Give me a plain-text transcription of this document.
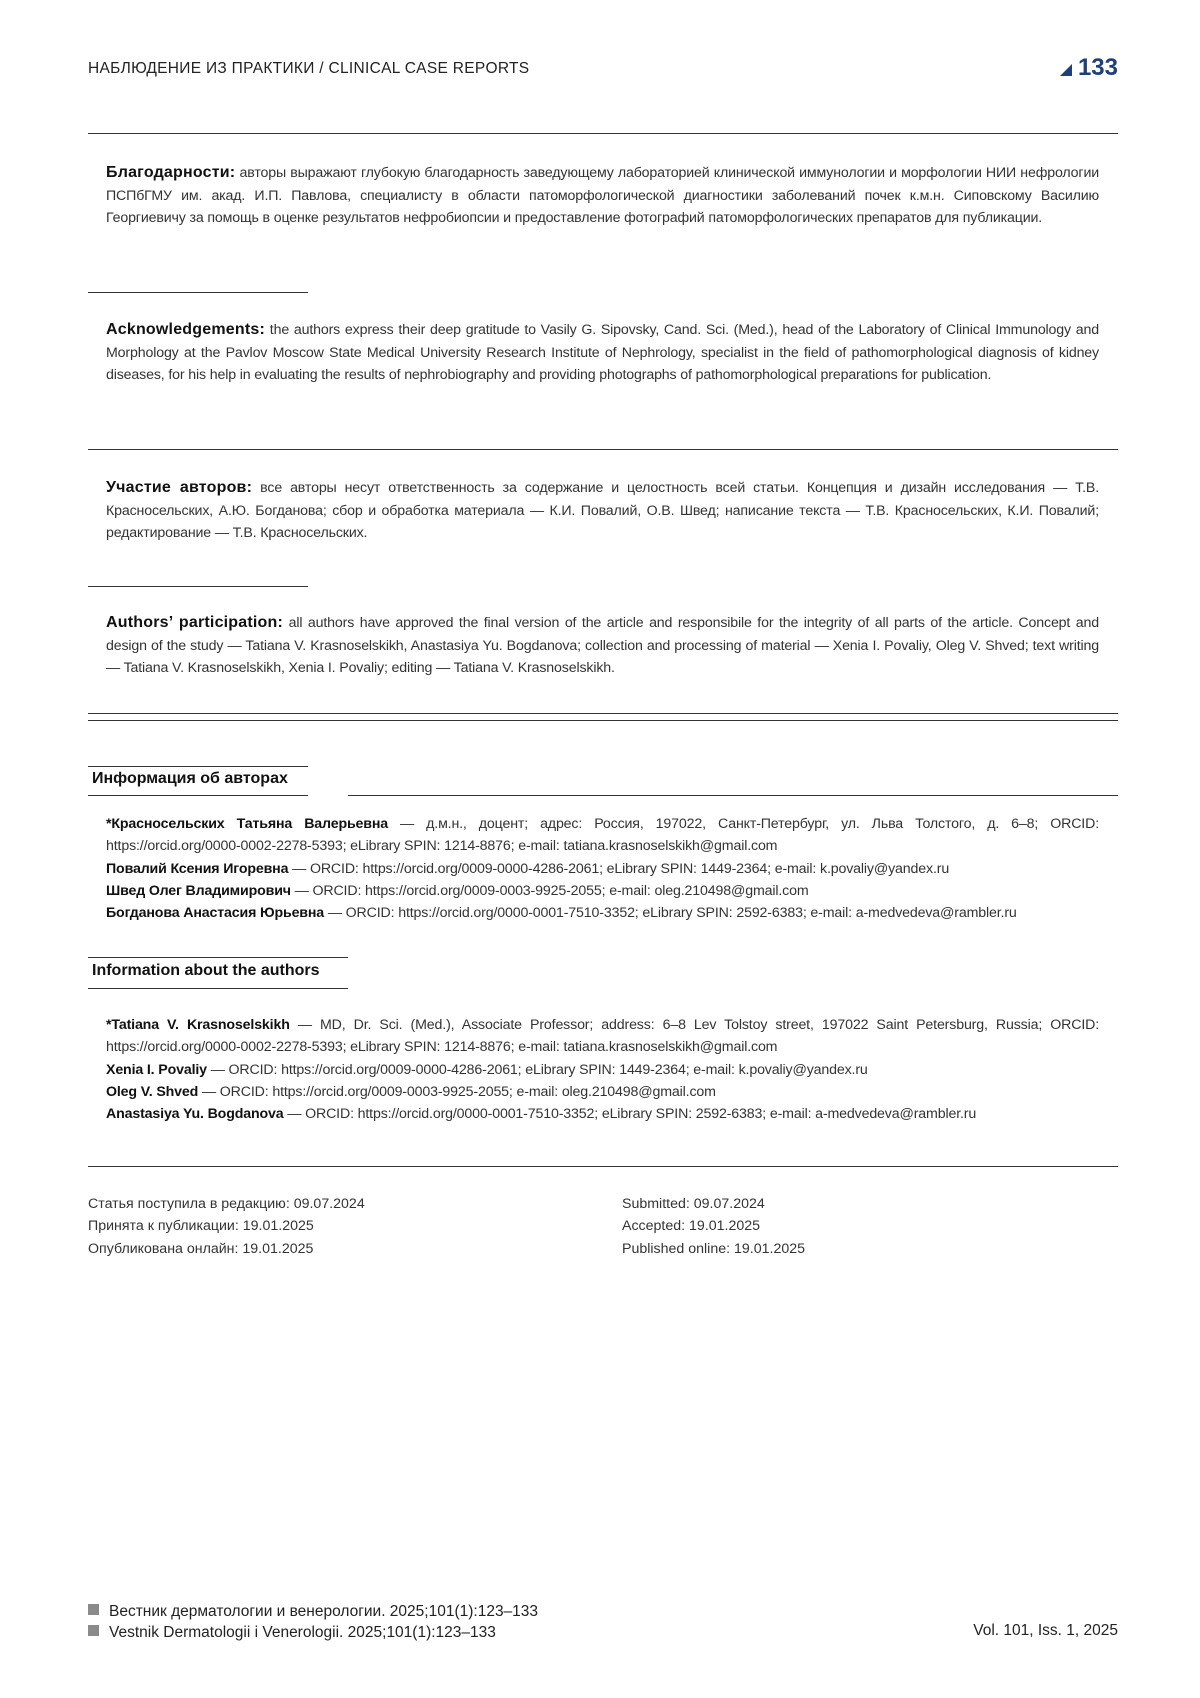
НАБЛЮДЕНИЕ ИЗ ПРАКТИКИ / CLINICAL CASE REPORTS	133
Благодарности: авторы выражают глубокую благодарность заведующему лабораторией клинической иммунологии и морфологии НИИ нефрологии ПСПбГМУ им. акад. И.П. Павлова, специалисту в области патоморфологической диагностики заболеваний почек к.м.н. Сиповскому Василию Георгиевичу за помощь в оценке результатов нефробиопсии и предоставление фотографий патоморфологических препаратов для публикации.
Acknowledgements: the authors express their deep gratitude to Vasily G. Sipovsky, Cand. Sci. (Med.), head of the Laboratory of Clinical Immunology and Morphology at the Pavlov Moscow State Medical University Research Institute of Nephrology, specialist in the field of pathomorphological diagnosis of kidney diseases, for his help in evaluating the results of nephrobiography and providing photographs of pathomorphological preparations for publication.
Участие авторов: все авторы несут ответственность за содержание и целостность всей статьи. Концепция и дизайн исследования — Т.В. Красносельских, А.Ю. Богданова; сбор и обработка материала — К.И. Повалий, О.В. Швед; написание текста — Т.В. Красносельских, К.И. Повалий; редактирование — Т.В. Красносельских.
Authors’ participation: all authors have approved the final version of the article and responsibile for the integrity of all parts of the article. Concept and design of the study — Tatiana V. Krasnoselskikh, Anastasiya Yu. Bogdanova; collection and processing of material — Xenia I. Povaliy, Oleg V. Shved; text writing — Tatiana V. Krasnoselskikh, Xenia I. Povaliy; editing — Tatiana V. Krasnoselskikh.
Информация об авторах
*Красносельских Татьяна Валерьевна — д.м.н., доцент; адрес: Россия, 197022, Санкт-Петербург, ул. Льва Толстого, д. 6–8; ORCID: https://orcid.org/0000-0002-2278-5393; eLibrary SPIN: 1214-8876; e-mail: tatiana.krasnoselskikh@gmail.com
Повалий Ксения Игоревна — ORCID: https://orcid.org/0009-0000-4286-2061; eLibrary SPIN: 1449-2364; e-mail: k.povaliy@yandex.ru
Швед Олег Владимирович — ORCID: https://orcid.org/0009-0003-9925-2055; e-mail: oleg.210498@gmail.com
Богданова Анастасия Юрьевна — ORCID: https://orcid.org/0000-0001-7510-3352; eLibrary SPIN: 2592-6383; e-mail: a-medvedeva@rambler.ru
Information about the authors
*Tatiana V. Krasnoselskikh — MD, Dr. Sci. (Med.), Associate Professor; address: 6–8 Lev Tolstoy street, 197022 Saint Petersburg, Russia; ORCID: https://orcid.org/0000-0002-2278-5393; eLibrary SPIN: 1214-8876; e-mail: tatiana.krasnoselskikh@gmail.com
Xenia I. Povaliy — ORCID: https://orcid.org/0009-0000-4286-2061; eLibrary SPIN: 1449-2364; e-mail: k.povaliy@yandex.ru
Oleg V. Shved — ORCID: https://orcid.org/0009-0003-9925-2055; e-mail: oleg.210498@gmail.com
Anastasiya Yu. Bogdanova — ORCID: https://orcid.org/0000-0001-7510-3352; eLibrary SPIN: 2592-6383; e-mail: a-medvedeva@rambler.ru
Статья поступила в редакцию: 09.07.2024
Принята к публикации: 19.01.2025
Опубликована онлайн: 19.01.2025
Submitted: 09.07.2024
Accepted: 19.01.2025
Published online: 19.01.2025
Вестник дерматологии и венерологии. 2025;101(1):123–133
Vestnik Dermatologii i Venerologii. 2025;101(1):123–133	Vol. 101, Iss. 1, 2025
